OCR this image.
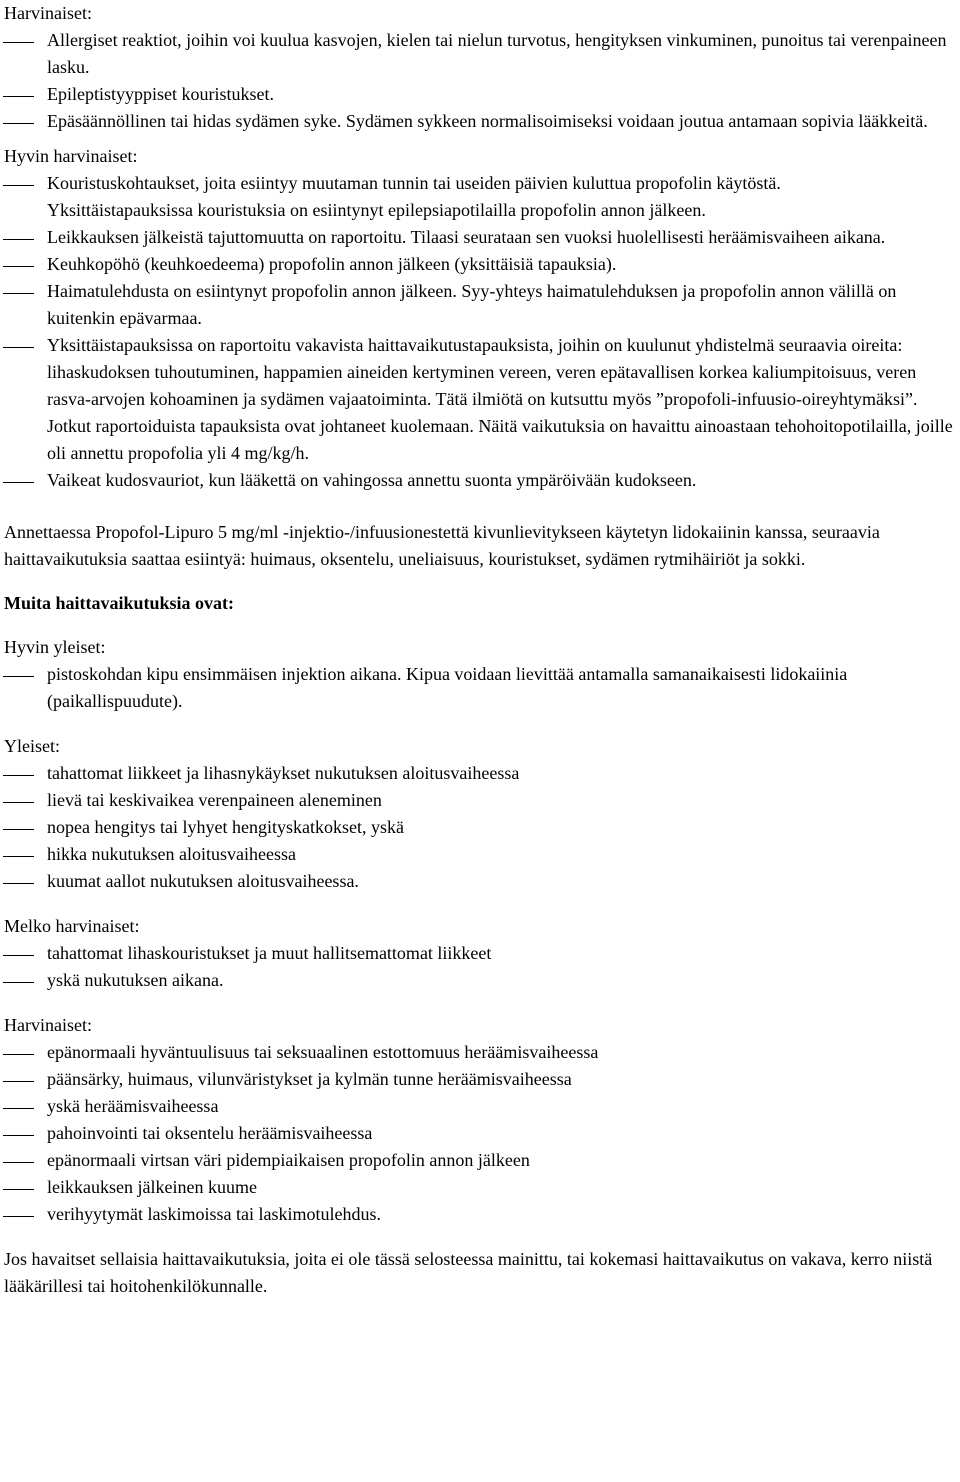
Harvinaiset:

Allergiset reaktiot, joihin voi kuulua kasvojen, kielen tai nielun turvotus, hengityksen vinkuminen, punoitus tai verenpaineen lasku.
Epileptistyyppiset kouristukset.
Epäsäännöllinen tai hidas sydämen syke. Sydämen sykkeen normalisoimiseksi voidaan joutua antamaan sopivia lääkkeitä.

Hyvin harvinaiset:

Kouristuskohtaukset, joita esiintyy muutaman tunnin tai useiden päivien kuluttua propofolin käytöstä.
Yksittäistapauksissa kouristuksia on esiintynyt epilepsiapotilailla propofolin annon jälkeen.
Leikkauksen jälkeistä tajuttomuutta on raportoitu. Tilaasi seurataan sen vuoksi huolellisesti heräämisvaiheen aikana.
Keuhkopöhö (keuhkoedeema) propofolin annon jälkeen (yksittäisiä tapauksia).
Haimatulehdusta on esiintynyt propofolin annon jälkeen. Syy-yhteys haimatulehduksen ja propofolin annon välillä on kuitenkin epävarmaa.
Yksittäistapauksissa on raportoitu vakavista haittavaikutustapauksista, joihin on kuulunut yhdistelmä seuraavia oireita: lihaskudoksen tuhoutuminen, happamien aineiden kertyminen vereen, veren epätavallisen korkea kaliumpitoisuus, veren rasva-arvojen kohoaminen ja sydämen vajaatoiminta. Tätä ilmiötä on kutsuttu myös ”propofoli-infuusio-oireyhtymäksi”. Jotkut raportoiduista tapauksista ovat johtaneet kuolemaan. Näitä vaikutuksia on havaittu ainoastaan tehohoitopotilailla, joille oli annettu propofolia yli 4 mg/kg/h.
Vaikeat kudosvauriot, kun lääkettä on vahingossa annettu suonta ympäröivään kudokseen.

Annettaessa Propofol-Lipuro 5 mg/ml -injektio-/infuusionestettä kivunlievitykseen käytetyn lidokaiinin kanssa, seuraavia haittavaikutuksia saattaa esiintyä: huimaus, oksentelu, uneliaisuus, kouristukset, sydämen rytmihäiriöt ja sokki.

Muita haittavaikutuksia ovat:

Hyvin yleiset:

pistoskohdan kipu ensimmäisen injektion aikana. Kipua voidaan lievittää antamalla samanaikaisesti lidokaiinia (paikallispuudute).

Yleiset:

tahattomat liikkeet ja lihasnykäykset nukutuksen aloitusvaiheessa
lievä tai keskivaikea verenpaineen aleneminen
nopea hengitys tai lyhyet hengityskatkokset, yskä
hikka nukutuksen aloitusvaiheessa
kuumat aallot nukutuksen aloitusvaiheessa.

Melko harvinaiset:

tahattomat lihaskouristukset ja muut hallitsemattomat liikkeet
yskä nukutuksen aikana.

Harvinaiset:

epänormaali hyväntuulisuus tai seksuaalinen estottomuus heräämisvaiheessa
päänsärky, huimaus, vilunväristykset ja kylmän tunne heräämisvaiheessa
yskä heräämisvaiheessa
pahoinvointi tai oksentelu heräämisvaiheessa
epänormaali virtsan väri pidempiaikaisen propofolin annon jälkeen
leikkauksen jälkeinen kuume
verihyytymät laskimoissa tai laskimotulehdus.

Jos havaitset sellaisia haittavaikutuksia, joita ei ole tässä selosteessa mainittu, tai kokemasi haittavaikutus on vakava, kerro niistä lääkärillesi tai hoitohenkilökunnalle.
